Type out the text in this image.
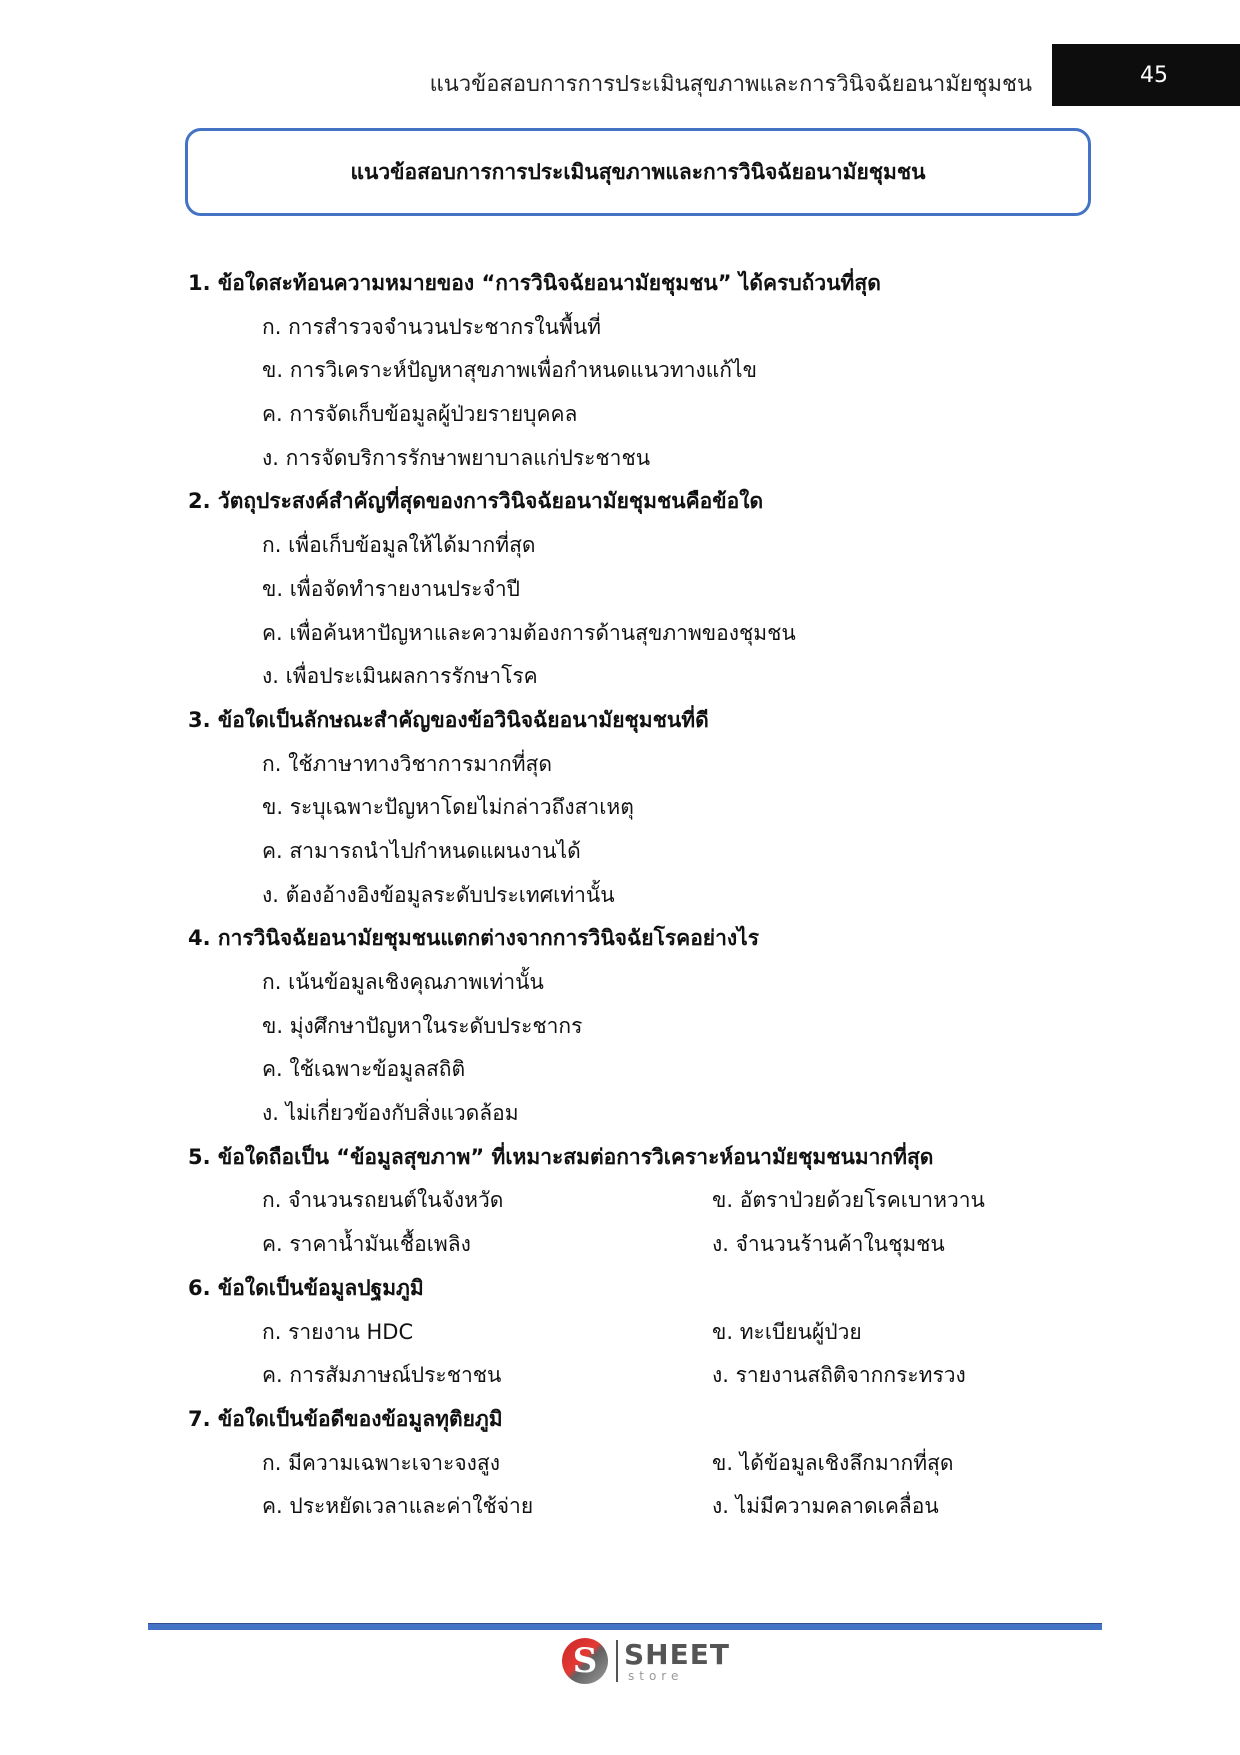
แนวข้อสอบการการประเมินสุขภาพและการวินิจฉัยอนามัยชุมชน	45
แนวข้อสอบการการประเมินสุขภาพและการวินิจฉัยอนามัยชุมชน
1. ข้อใดสะท้อนความหมายของ “การวินิจฉัยอนามัยชุมชน” ได้ครบถ้วนที่สุด
ก. การสำรวจจำนวนประชากรในพื้นที่
ข. การวิเคราะห์ปัญหาสุขภาพเพื่อกำหนดแนวทางแก้ไข
ค. การจัดเก็บข้อมูลผู้ป่วยรายบุคคล
ง. การจัดบริการรักษาพยาบาลแก่ประชาชน
2. วัตถุประสงค์สำคัญที่สุดของการวินิจฉัยอนามัยชุมชนคือข้อใด
ก. เพื่อเก็บข้อมูลให้ได้มากที่สุด
ข. เพื่อจัดทำรายงานประจำปี
ค. เพื่อค้นหาปัญหาและความต้องการด้านสุขภาพของชุมชน
ง. เพื่อประเมินผลการรักษาโรค
3. ข้อใดเป็นลักษณะสำคัญของข้อวินิจฉัยอนามัยชุมชนที่ดี
ก. ใช้ภาษาทางวิชาการมากที่สุด
ข. ระบุเฉพาะปัญหาโดยไม่กล่าวถึงสาเหตุ
ค. สามารถนำไปกำหนดแผนงานได้
ง. ต้องอ้างอิงข้อมูลระดับประเทศเท่านั้น
4. การวินิจฉัยอนามัยชุมชนแตกต่างจากการวินิจฉัยโรคอย่างไร
ก. เน้นข้อมูลเชิงคุณภาพเท่านั้น
ข. มุ่งศึกษาปัญหาในระดับประชากร
ค. ใช้เฉพาะข้อมูลสถิติ
ง. ไม่เกี่ยวข้องกับสิ่งแวดล้อม
5. ข้อใดถือเป็น “ข้อมูลสุขภาพ” ที่เหมาะสมต่อการวิเคราะห์อนามัยชุมชนมากที่สุด
ก. จำนวนรถยนต์ในจังหวัด	ข. อัตราป่วยด้วยโรคเบาหวาน
ค. ราคาน้ำมันเชื้อเพลิง	ง. จำนวนร้านค้าในชุมชน
6. ข้อใดเป็นข้อมูลปฐมภูมิ
ก. รายงาน HDC	ข. ทะเบียนผู้ป่วย
ค. การสัมภาษณ์ประชาชน	ง. รายงานสถิติจากกระทรวง
7. ข้อใดเป็นข้อดีของข้อมูลทุติยภูมิ
ก. มีความเฉพาะเจาะจงสูง	ข. ได้ข้อมูลเชิงลึกมากที่สุด
ค. ประหยัดเวลาและค่าใช้จ่าย	ง. ไม่มีความคลาดเคลื่อน
S SHEET
store
